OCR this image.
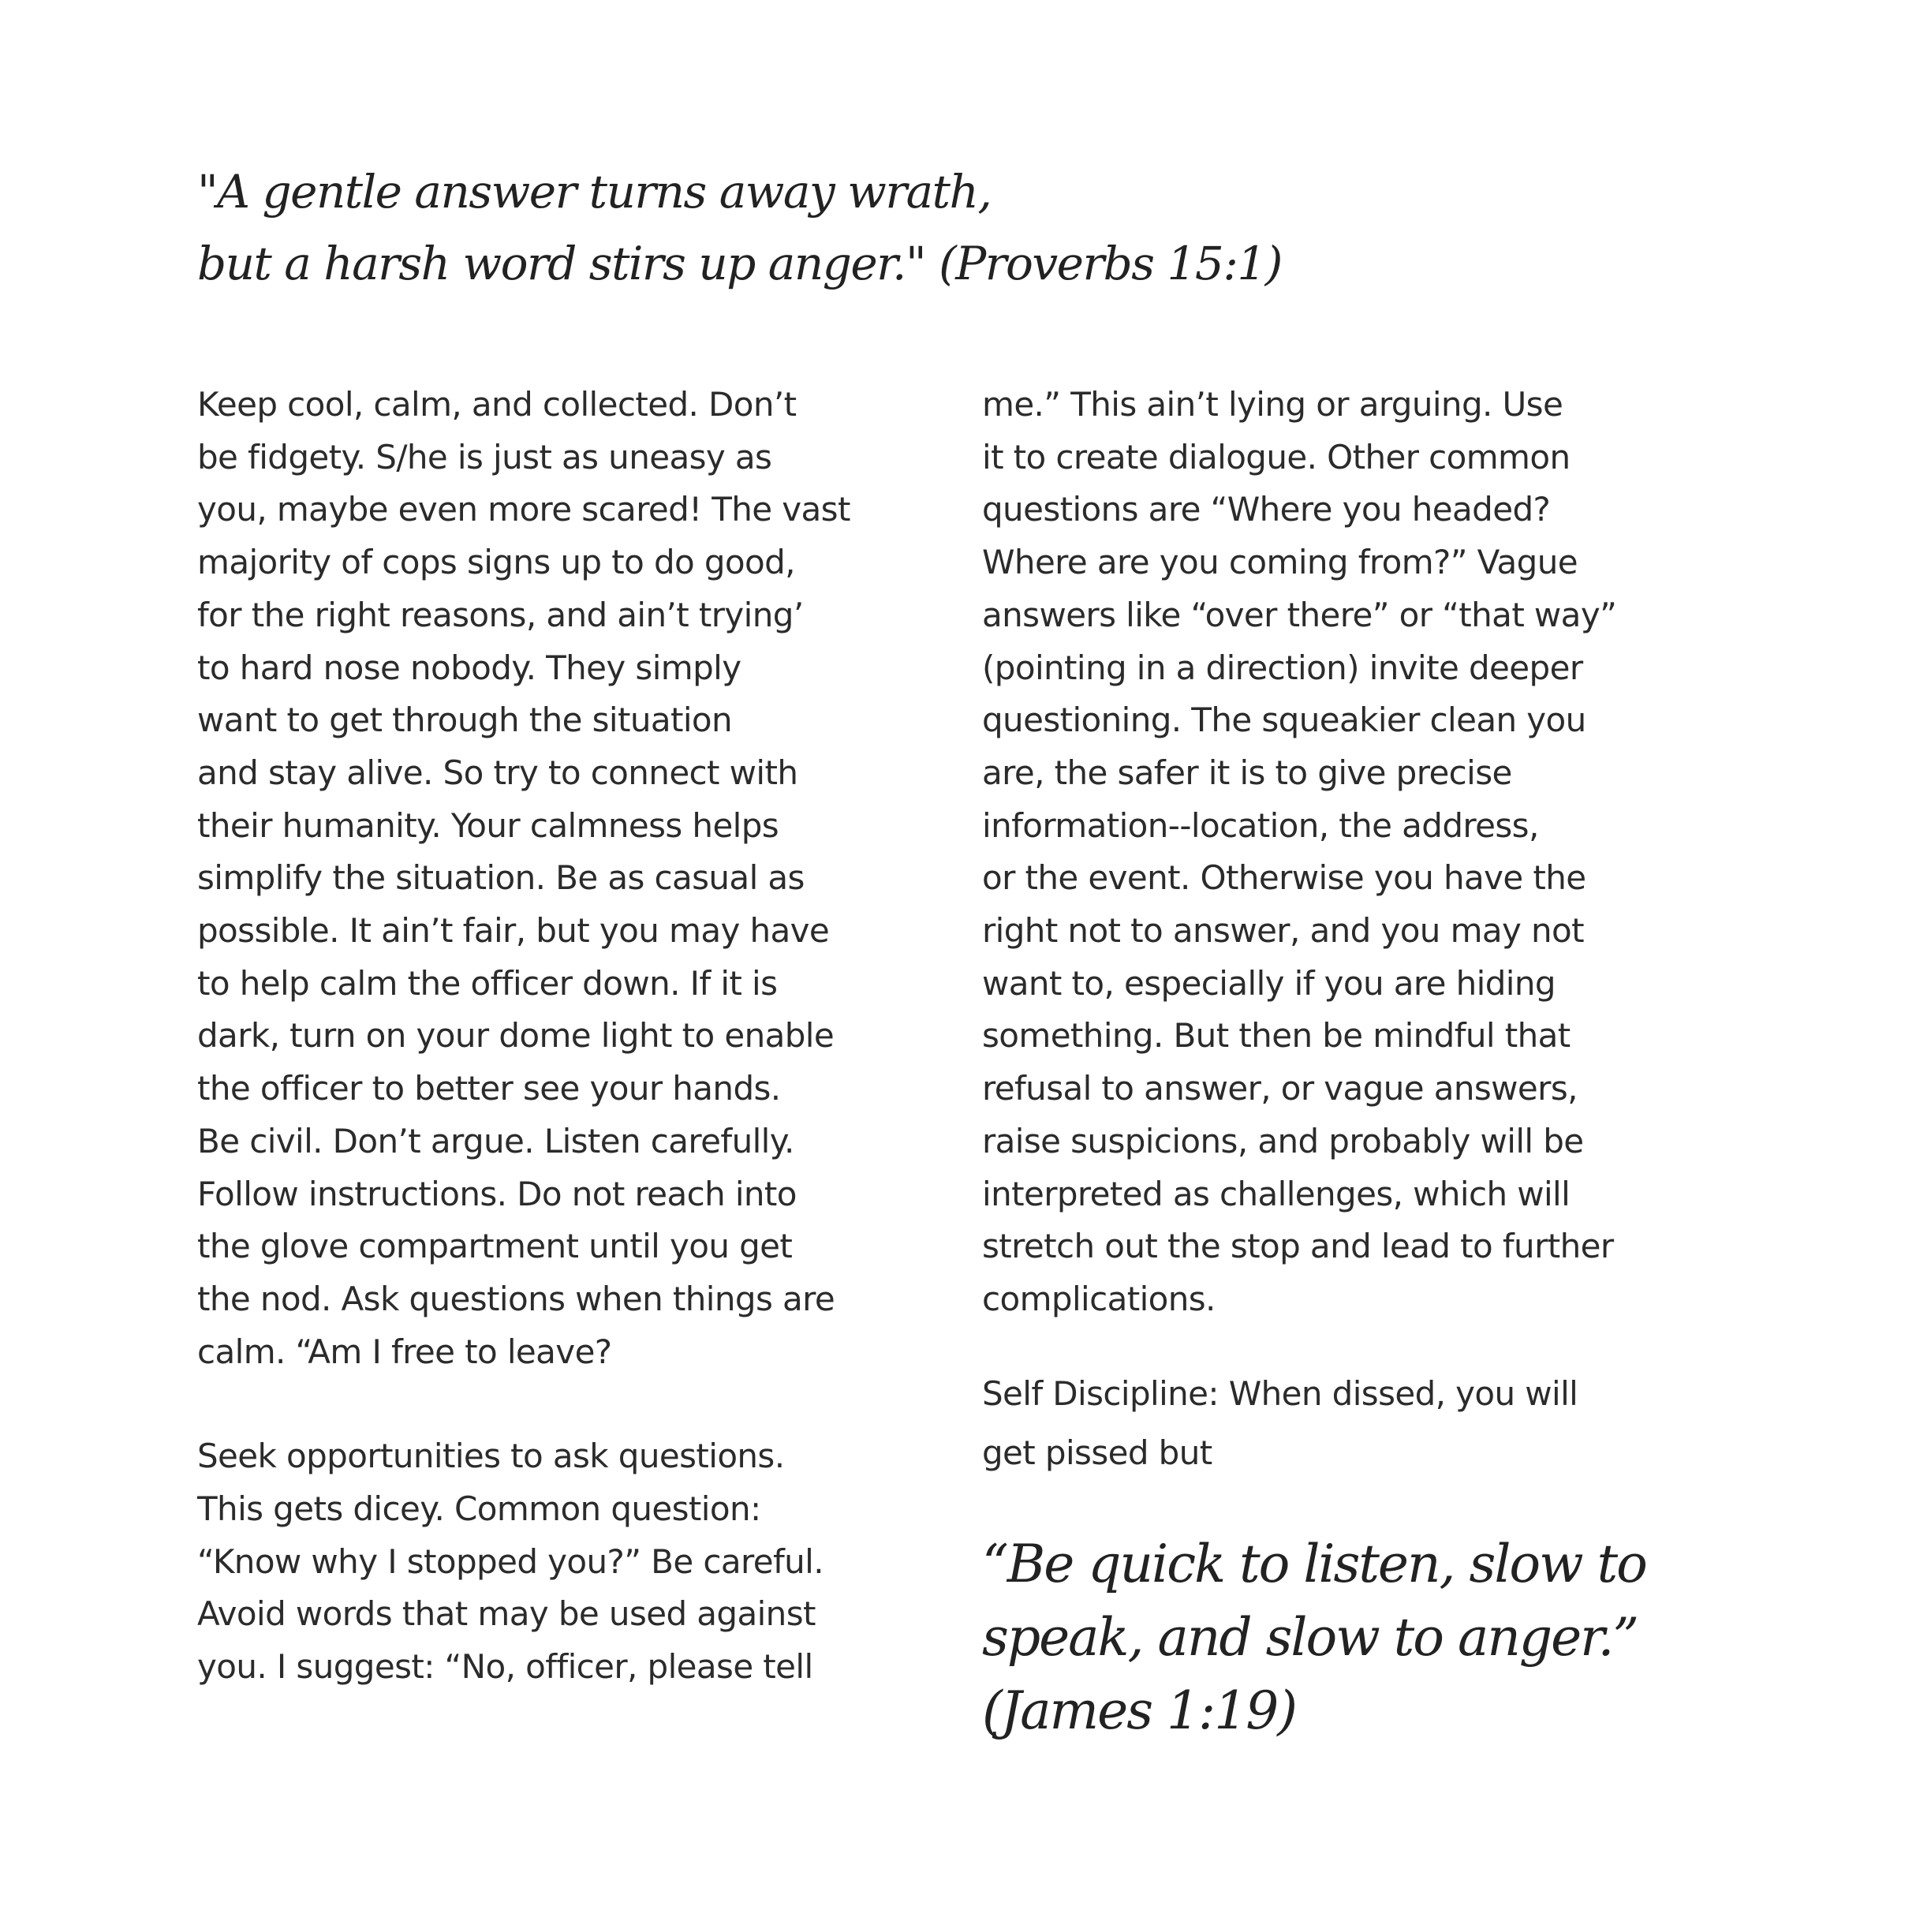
"A gentle answer turns away wrath,
but a harsh word stirs up anger." (Proverbs 15:1)

Keep cool, calm, and collected. Don’t
be fidgety. S/he is just as uneasy as
you, maybe even more scared! The vast
majority of cops signs up to do good,
for the right reasons, and ain’t trying’
to hard nose nobody. They simply
want to get through the situation
and stay alive. So try to connect with
their humanity. Your calmness helps
simplify the situation. Be as casual as
possible. It ain’t fair, but you may have
to help calm the officer down. If it is
dark, turn on your dome light to enable
the officer to better see your hands.
Be civil. Don’t argue. Listen carefully.
Follow instructions. Do not reach into
the glove compartment until you get
the nod. Ask questions when things are
calm. “Am I free to leave?

Seek opportunities to ask questions.
This gets dicey. Common question:
“Know why I stopped you?” Be careful.
Avoid words that may be used against
you. I suggest: “No, officer, please tell

me.” This ain’t lying or arguing. Use
it to create dialogue. Other common
questions are “Where you headed?
Where are you coming from?” Vague
answers like “over there” or “that way”
(pointing in a direction) invite deeper
questioning. The squeakier clean you
are, the safer it is to give precise
information--location, the address,
or the event. Otherwise you have the
right not to answer, and you may not
want to, especially if you are hiding
something. But then be mindful that
refusal to answer, or vague answers,
raise suspicions, and probably will be
interpreted as challenges, which will
stretch out the stop and lead to further
complications.

Self Discipline: When dissed, you will
get pissed but

“Be quick to listen, slow to
speak, and slow to anger.”
(James 1:19)
